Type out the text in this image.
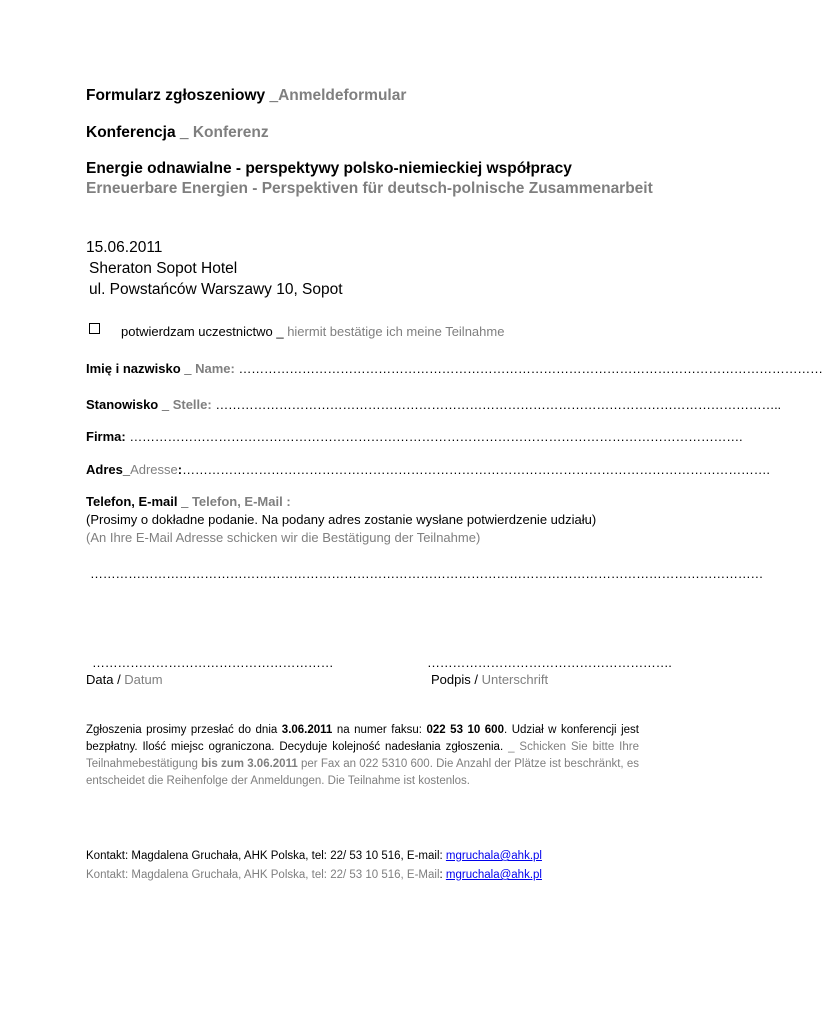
Formularz zgłoszeniowy _Anmeldeformular
Konferencja _ Konferenz
Energie odnawialne - perspektywy polsko-niemieckiej współpracy
Erneuerbare Energien - Perspektiven für deutsch-polnische Zusammenarbeit
15.06.2011
Sheraton Sopot Hotel
ul. Powstańców Warszawy 10, Sopot
potwierdzam uczestnictwo _ hiermit bestätige ich meine Teilnahme
Imię i nazwisko _ Name: …………………………………………………………………………………………………………………………
Stanowisko _ Stelle: ……………………………………………………………………………………………………………………..
Firma: ……………………………………………………………………………………………………………………………….
Adres_Adresse:………………………………………………………………………………………………………………………….
Telefon, E-mail _ Telefon, E-Mail :
(Prosimy o dokładne podanie. Na podany adres zostanie wysłane potwierdzenie udziału)
(An Ihre E-Mail Adresse schicken wir die Bestätigung der Teilnahme)
……………………………………………………………………………………………………………………………………………
…………………………………………………
Data / Datum
………………………………………………….
Podpis / Unterschrift
Zgłoszenia prosimy przesłać do dnia 3.06.2011 na numer faksu: 022 53 10 600. Udział w konferencji jest bezpłatny. Ilość miejsc ograniczona. Decyduje kolejność nadesłania zgłoszenia. _ Schicken Sie bitte Ihre Teilnahmebestätigung bis zum 3.06.2011 per Fax an 022 5310 600. Die Anzahl der Plätze ist beschränkt, es entscheidet die Reihenfolge der Anmeldungen. Die Teilnahme ist kostenlos.
Kontakt: Magdalena Gruchała, AHK Polska, tel: 22/ 53 10 516, E-mail: mgruchala@ahk.pl
Kontakt: Magdalena Gruchała, AHK Polska, tel: 22/ 53 10 516, E-Mail: mgruchala@ahk.pl
